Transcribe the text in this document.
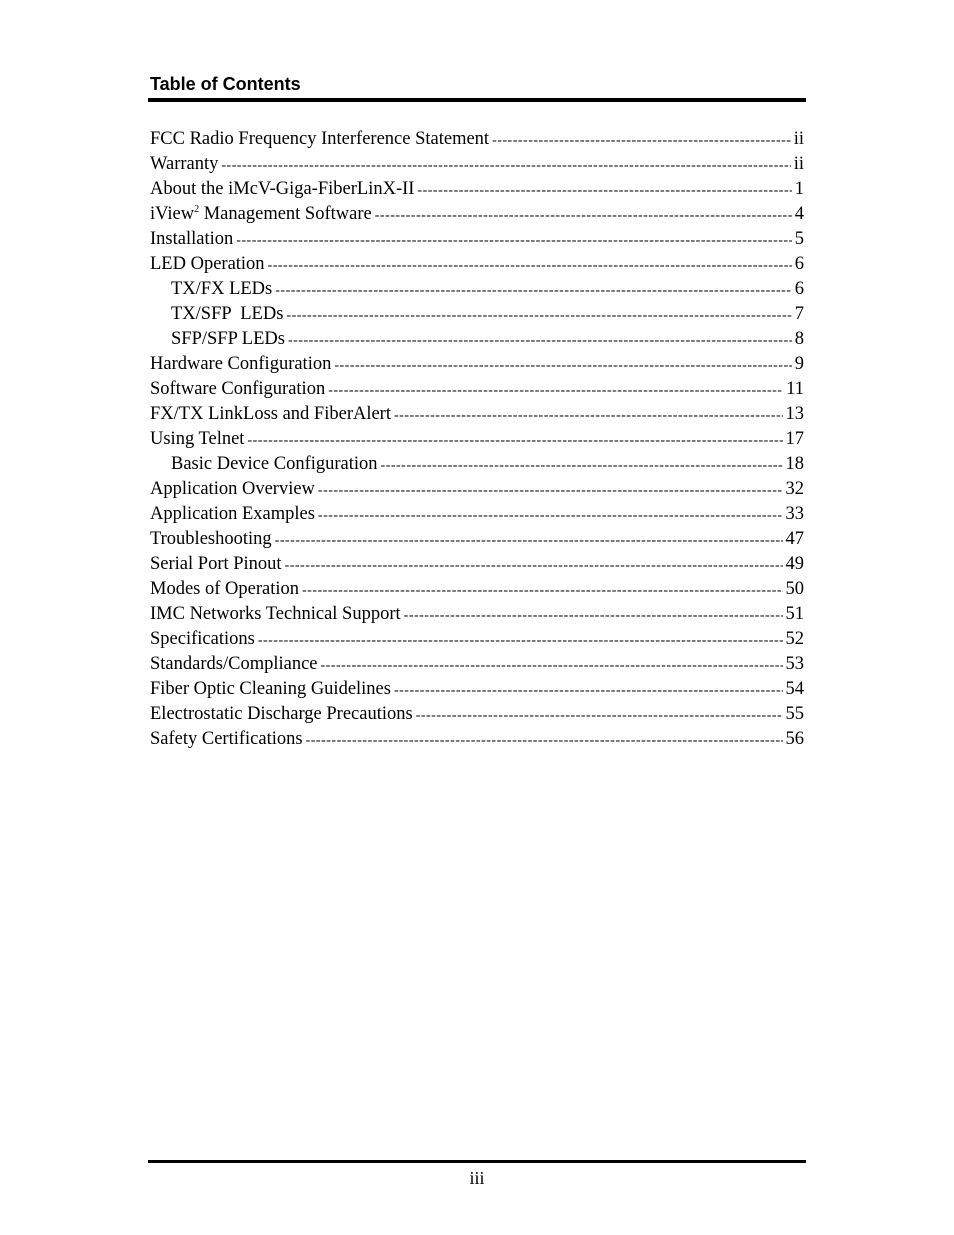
Table of Contents
FCC Radio Frequency Interference Statement -----	ii
Warranty -----	ii
About the iMcV-Giga-FiberLinX-II -----	1
iView$^2$ Management Software -----	4
Installation -----	5
LED Operation -----	6
TX/FX LEDs -----	6
TX/SFP  LEDs -----	7
SFP/SFP LEDs -----	8
Hardware Configuration -----	9
Software Configuration -----	11
FX/TX LinkLoss and FiberAlert -----	13
Using Telnet -----	17
Basic Device Configuration -----	18
Application Overview -----	32
Application Examples -----	33
Troubleshooting -----	47
Serial Port Pinout -----	49
Modes of Operation -----	50
IMC Networks Technical Support -----	51
Specifications -----	52
Standards/Compliance -----	53
Fiber Optic Cleaning Guidelines -----	54
Electrostatic Discharge Precautions -----	55
Safety Certifications -----	56
iii
